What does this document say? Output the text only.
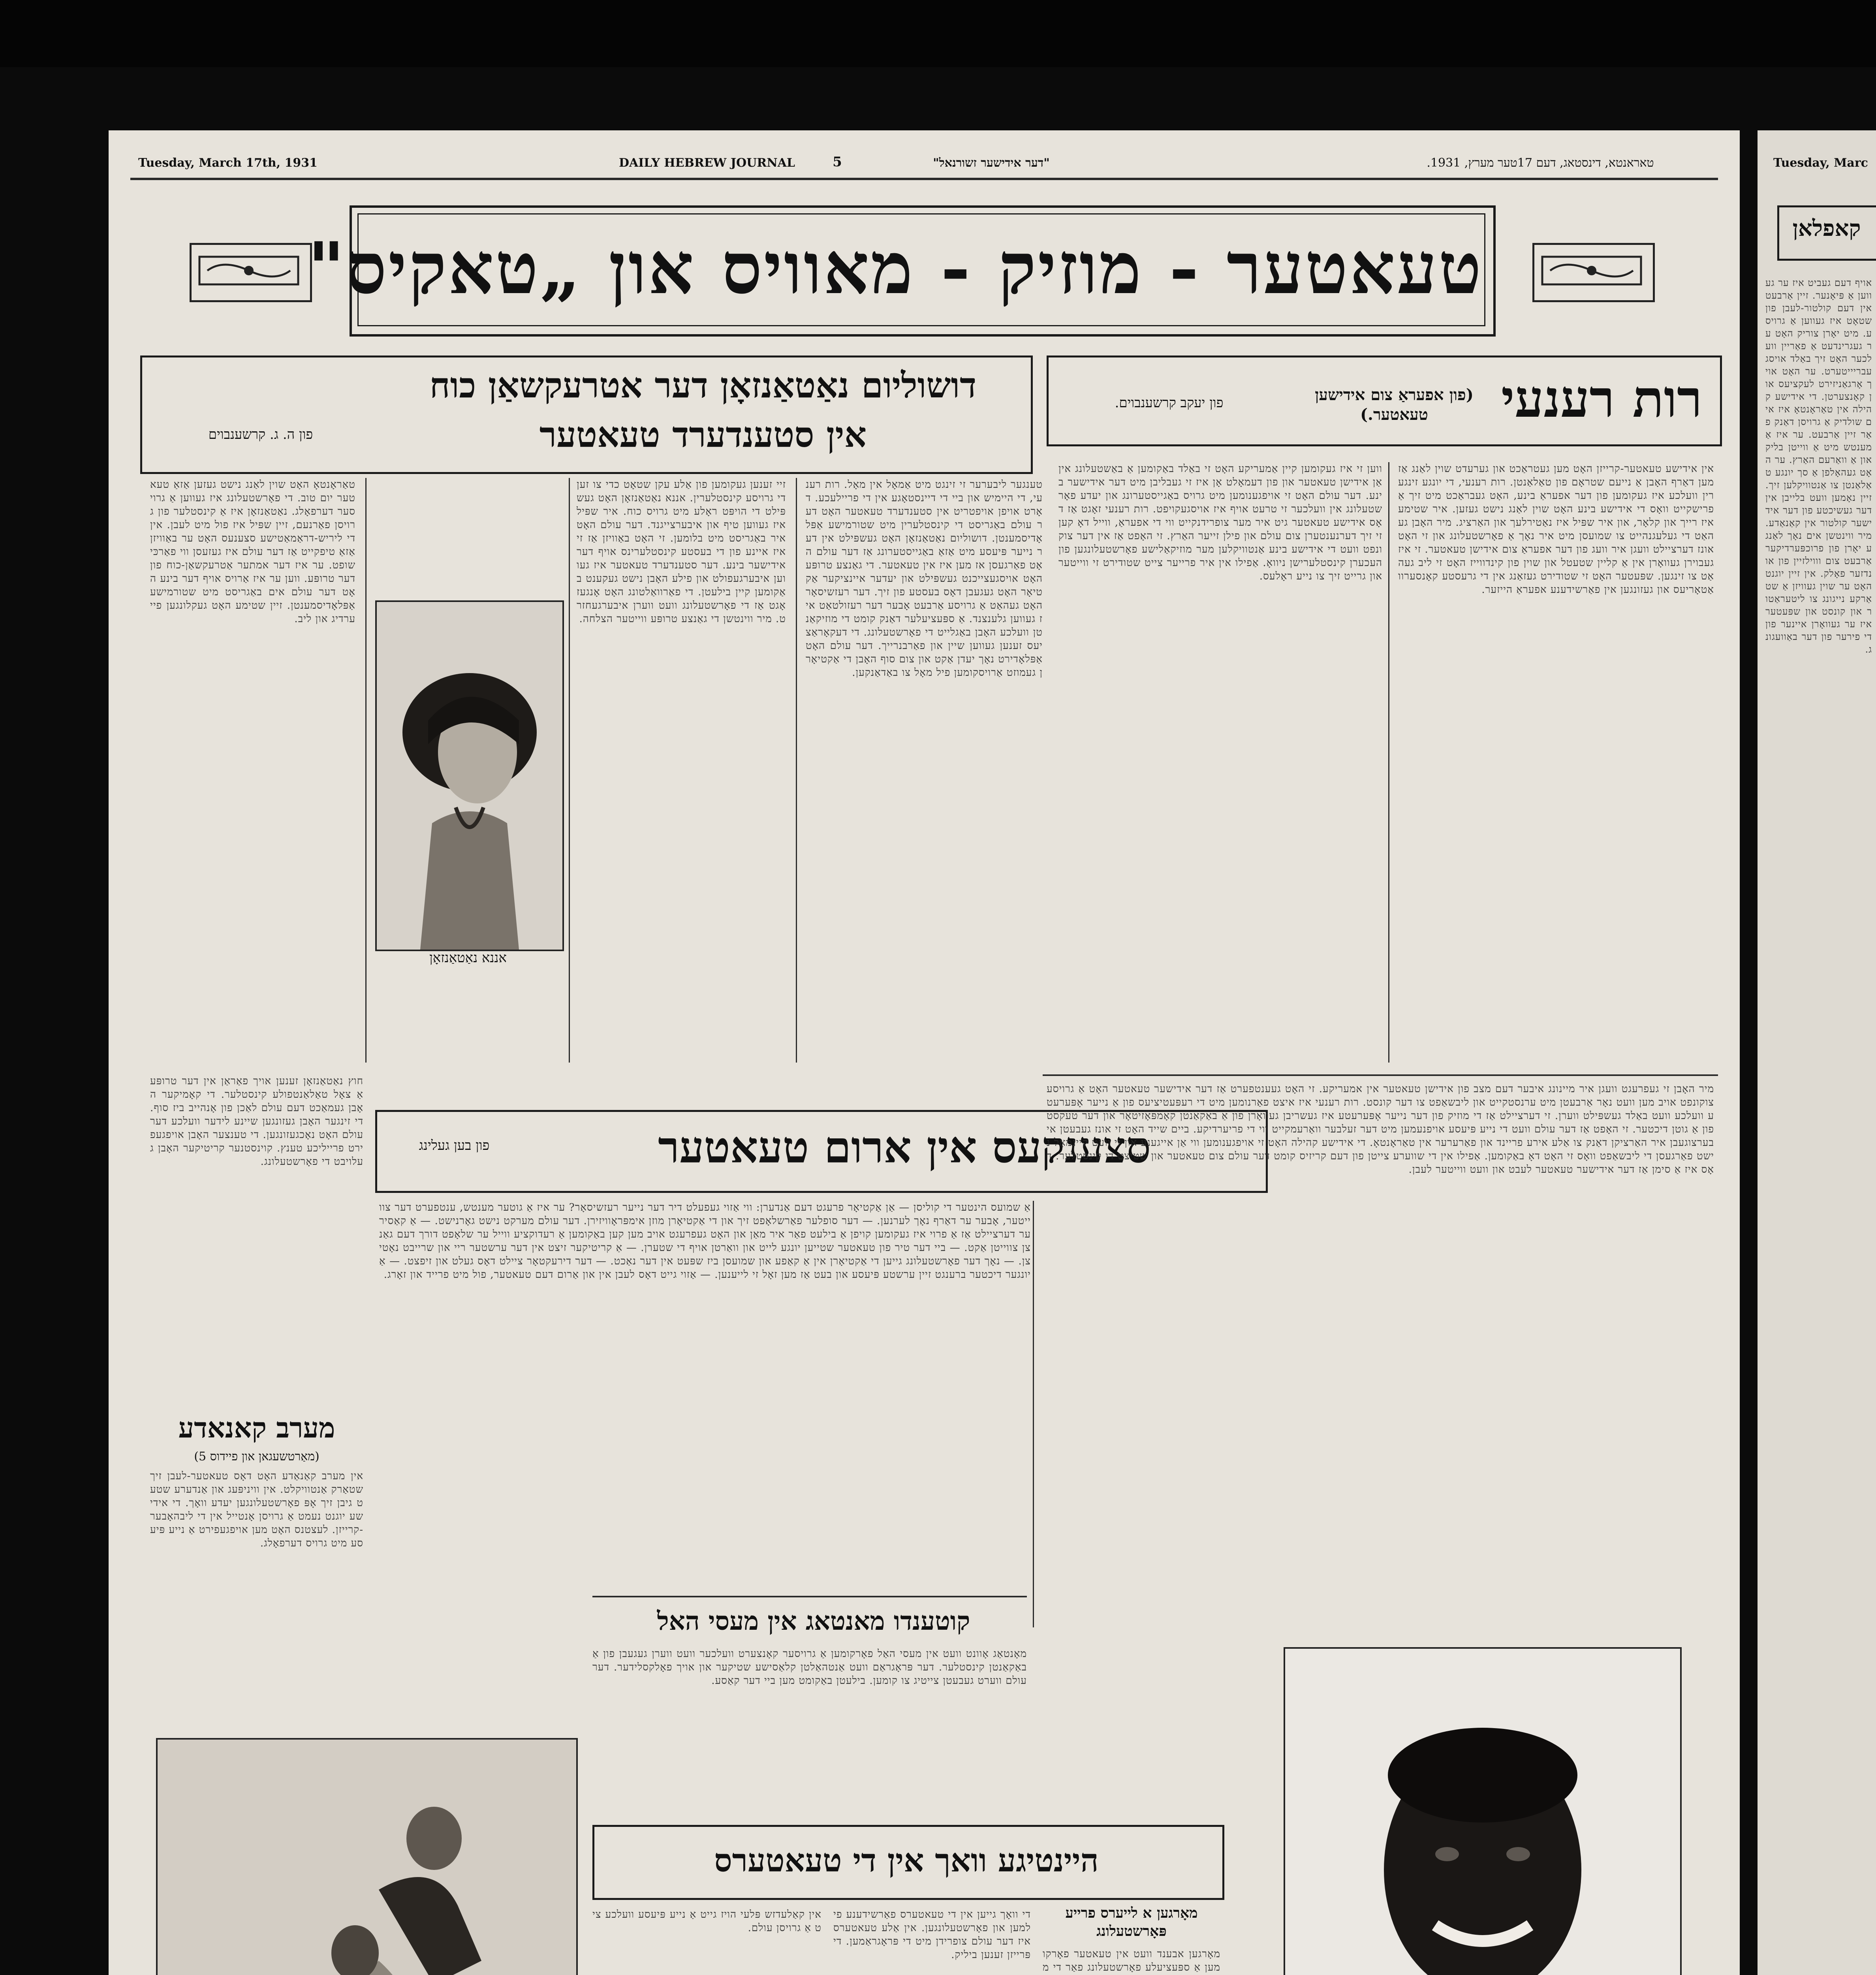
Tuesday, March 17th, 1931	DAILY HEBREW JOURNAL	5	"דער אידישער זשורנאל"	טאראנטא, דינסטאג, דעם 17טער מערץ, 1931.	Tuesday, Marc
טעאטער - מוזיק - מאוויס און „טאקיס"	קאפלאן
רות רענעי
(פון אפעראַ צום אידישען טעאטער.)
פון יעקב קרשענבוים.
אין אידישע טעאטער-קרייזן האָט מען געטראַכט און גערעדט שוין לאַנג אַז מען דאַרף האָבן אַ נייעם שטראָם פון טאַלאַנטן. רות רענעי, די יונגע זינגערין וועלכע איז געקומען פון דער אפעראַ בינע, האָט געבראַכט מיט זיך אַ פרישקייט וואָס די אידישע בינע האָט שוין לאַנג נישט געזען. איר שטימע איז רייך און קלאָר, און איר שפּיל איז נאַטירלעך און האַרציג. מיר האָבן געהאַט די געלעגנהייט צו שמועסן מיט איר נאָך אַ פאָרשטעלונג און זי האָט אונז דערציילט וועגן איר וועג פון דער אפעראַ צום אידישן טעאטער. זי איז געבוירן געוואָרן אין אַ קליין שטעטל און שוין פון קינדווייז האָט זי ליב געהאַט צו זינגען. שפּעטער האָט זי שטודירט געזאַנג אין די גרעסטע קאָנסערוואַטאָריעס און געזונגען אין פאַרשידענע אפעראַ הייזער.
ווען זי איז געקומען קיין אַמעריקע האָט זי באַלד באַקומען אַ באַשטעלונג אין אַן אידישן טעאטער און פון דעמאָלט אָן איז זי געבליבן מיט דער אידישער בינע. דער עולם האָט זי אויפגענומען מיט גרויס באַגייסטערונג און יעדע פאָרשטעלונג אין וועלכער זי טרעט אויף איז אויסגעקויפט. רות רענעי זאָגט אַז דאָס אידישע טעאטער גיט איר מער צופרידנקייט ווי די אפעראַ, ווייל דאָ קען זי זיך דערנענטערן צום עולם און פילן זייער האַרץ. זי האָפט אַז אין דער צוקונפט וועט די אידישע בינע אַנטוויקלען מער מוזיקאַלישע פאָרשטעלונגען פון העכערן קינסטלערישן ניוואָ. אַפילו אין איר פרייער צייט שטודירט זי ווייטער און גרייט זיך צו נייע ראָלעס.
דושוליום נאַטאַנזאָן דער אטרעקשאַן כוח
אין סטענדערד טעאטער
פון ה. ג. קרשענבוים
טענגער ליבערער זי זינגט מיט אַמאָל אין מאָל. רות רענעי, די היימיש און ביי די דיינסטאָגע אין די פריילעכע. דאָרט אויפן אויפטריט אין סטענדערד טעאטער האָט דער עולם באַגריסט די קינסטלערין מיט שטורמישע אַפּלאָדיסמענטן. דושוליום נאַטאַנזאָן האָט געשפּילט אין דער נייער פּיעסע מיט אַזאַ באַגייסטערונג אַז דער עולם האָט פאַרגעסן אז מען איז אין טעאטער. די גאַנצע טרופּע האָט אויסגעצייכנט געשפּילט און יעדער איינציקער אַקטיאָר האָט געגעבן דאָס בעסטע פון זיך. דער רעזשיסאָר האָט געהאַט אַ גרויסע אַרבעט אָבער דער רעזולטאַט איז געווען גלענצנד. אַ ספּעציעלער דאַנק קומט די מוזיקאַנטן וועלכע האָבן באַגלייט די פאָרשטעלונג. די דעקאָראַציעס זענען געווען שיין און פאַרבנרייך. דער עולם האָט אַפּלאָדירט נאָך יעדן אַקט און צום סוף האָבן די אַקטיאָרן געמוזט אַרויסקומען פיל מאָל צו באַדאַנקען.
זיי זענען געקומען פון אַלע עקן שטאָט כדי צו זען די גרויסע קינסטלערין. אננא נאַטאַנזאָן האָט געשפּילט די הויפּט ראָלע מיט גרויס כוח. איר שפּיל איז געווען טיף און איבערצייגנד. דער עולם האָט איר באַגריסט מיט בלומען. זי האָט באַוויזן אַז זי איז איינע פון די בעסטע קינסטלערינס אויף דער אידישער בינע. דער סטענדערד טעאטער איז געווען איבערגעפולט און פילע האָבן נישט געקענט באַקומען קיין בילעטן. די פאַרוואַלטונג האָט אָנגעזאָגט אַז די פאָרשטעלונג וועט ווערן איבערגעחזרט. מיר ווינטשן די גאַנצע טרופּע ווייטער הצלחה.
טאַראָנטאָ האָט שוין לאַנג נישט געזען אַזאַ טעאטער יום טוב. די פאָרשטעלונג איז געווען אַ גרויסער דערפאָלג. נאַטאַנזאָן איז אַ קינסטלער פון גרויסן פאַרנעם, זיין שפּיל איז פול מיט לעבן. אין די ליריש-דראַמאַטישע סצענעס האָט ער באַוויזן אַזאַ טיפקייט אַז דער עולם איז געזעסן ווי פאַרכּישופט. ער איז דער אמתער אַטרעקשאַן-כוח פון דער טרופּע. ווען ער איז אַרויס אויף דער בינע האָט דער עולם אים באַגריסט מיט שטורמישע אַפּלאָדיסמענטן. זיין שטימע האָט געקלונגען פייערדיג און ליב.
אננא נאַטאַנזאָן
סצענקעס אין ארום טעאטער
פון בען געלינג
מיר האָבן זי געפרעגט וועגן איר מיינונג איבער דעם מצב פון אידישן טעאטער אין אמעריקע. זי האָט געענטפערט אַז דער אידישער טעאטער האָט אַ גרויסע צוקונפט אויב מען וועט נאָר אַרבעטן מיט ערנסטקייט און ליבשאַפט צו דער קונסט. רות רענעי איז איצט פאַרנומען מיט די רעפּעטיציעס פון אַ נייער אָפּערעטע וועלכע וועט באַלד געשפּילט ווערן. זי דערציילט אַז די מוזיק פון דער נייער אָפּערעטע איז געשריבן געוואָרן פון אַ באַקאַנטן קאָמפּאָזיטאָר און דער טעקסט פון אַ גוטן דיכטער. זי האָפט אַז דער עולם וועט די נייע פּיעסע אויפנעמען מיט דער זעלבער וואַרעמקייט ווי די פריערדיקע. ביים שייד האָט זי אונז געבעטן איבערצוגעבן איר האַרציקן דאַנק צו אַלע אירע פריינד און פאַרערער אין טאַראָנטאָ. די אידישע קהילה האָט זי אויפגענומען ווי אַן אייגענע און זי וועט קיינמאָל נישט פאַרגעסן די ליבשאַפט וואָס זי האָט דאָ באַקומען. אַפילו אין די שווערע צייטן פון דעם קריזיס קומט דער עולם צום טעאטער און שטיצט די קינסטלער. דאָס איז אַ סימן אַז דער אידישער טעאטער לעבט און וועט ווייטער לעבן.
אַ שמועס הינטער די קוליסן — אַן אַקטיאָר פרעגט דעם אַנדערן: ווי אַזוי געפעלט דיר דער נייער רעזשיסאָר? ער איז אַ גוטער מענטש, ענטפערט דער צווייטער, אָבער ער דאַרף נאָך לערנען. — דער סופלער פאַרשלאָפט זיך און די אַקטיאָרן מוזן אימפּראָוויזירן. דער עולם מערקט נישט גאָרנישט. — אַ קאַסירער דערציילט אַז אַ פרוי איז געקומען קויפן אַ בילעט פאַר איר מאַן און האָט געפרעגט אויב מען קען באַקומען אַ רעדוקציע ווייל ער שלאָפט דורך דעם גאַנצן צווייטן אַקט. — ביי דער טיר פון טעאטער שטייען יונגע לייט און וואַרטן אויף די שטערן. — אַ קריטיקער זיצט אין דער ערשטער ריי און שרייבט נאָטיצן. — נאָך דער פאָרשטעלונג גייען די אַקטיאָרן אין אַ קאַפע און שמועסן ביז שפּעט אין דער נאַכט. — דער דירעקטאָר ציילט דאָס געלט און זיפצט. — אַ יונגער דיכטער ברענגט זיין ערשטע פּיעסע און בעט אַז מען זאָל זי לייענען. — אַזוי גייט דאָס לעבן אין און אַרום דעם טעאטער, פול מיט פרייד און זאָרג.
חוץ נאַטאַנזאָן זענען אויך פאַראַן אין דער טרופּע אַ צאָל טאַלאַנטפולע קינסטלער. די קאָמיקער האָבן געמאַכט דעם עולם לאַכן פון אָנהייב ביז סוף. די זינגער האָבן געזונגען שיינע לידער וועלכע דער עולם האָט נאָכגעזונגען. די טענצער האָבן אויפגעפירט פרייליכע טענץ. קוינסטנער קריטיקער האָבן געלויבט די פאָרשטעלונג.
מערב קאנאדע
(מאַרטשעגאן און פיידוס 5)
אין מערב קאַנאַדע האָט דאָס טעאטער-לעבן זיך שטאַרק אַנטוויקלט. אין וויניפּעג און אַנדערע שטעט גיבן זיך אָפּ פאָרשטעלונגען יעדע וואָך. די אידישע יוגנט נעמט אַ גרויסן אָנטייל אין די ליבהאָבער-קרייזן. לעצטנס האָט מען אויפגעפירט אַ נייע פּיעסע מיט גרויס דערפאָלג.
קוטענדו מאנטאג אין מעסי האל
מאָנטאַג אָוונט וועט אין מעסי האַל פאָרקומען אַ גרויסער קאָנצערט וועלכער וועט ווערן געגעבן פון אַ באַקאַנטן קינסטלער. דער פּראָגראַם וועט אַנטהאַלטן קלאַסישע שטיקער און אויך פאָלקסלידער. דער עולם ווערט געבעטן צייטיג צו קומען. בילעטן באַקומט מען ביי דער קאַסע.
היינטיגע וואך אין די טעאטערס
מאָרגען א לייערס פרייע פּאָרשטעלונג
מאָרגען אבענד וועט אין טעאטער פאָרקומען אַ ספּעציעלע פאָרשטעלונג פאַר די מ
די וואָך גייען אין די טעאטערס פאַרשידענע פילמען און פאָרשטעלונגען. אין אַלע טעאטערס איז דער עולם צופרידן מיט די פּראָגראַמען. די פּרייזן זענען ביליק.
אין קאַלעדזש פּלעי הויז גייט אַ נייע פּיעסע וועלכע ציט אַ גרויסן עולם.
אויף דעם געביט איז ער געווען אַ פּיאָנער. זיין אַרבעט אין דעם קולטור-לעבן פון שטאָט איז געווען אַ גרויסע. מיט יאָרן צוריק האָט ער געגרינדעט אַ פאַריין וועלכער האָט זיך באַלד אויסגעבריייטערט. ער האָט אויך אָרגאַניזירט לעקציעס און קאָנצערטן. די אידישע קהילה אין טאַראָנטאָ איז אים שולדיק אַ גרויסן דאַנק פאַר זיין אַרבעט. ער איז אַ מענטש מיט אַ ווייטן בליק און אַ וואַרעם האַרץ. ער האָט געהאָלפן אַ סך יונגע טאַלאַנטן צו אַנטוויקלען זיך. זיין נאָמען וועט בלייבן אין דער געשיכטע פון דער אידישער קולטור אין קאַנאַדע. מיר ווינטשן אים נאָך לאַנגע יאָרן פון פרוכפּערדיקער אַרבעט צום וווילזיין פון אונדזער פאָלק. אין זיין יוגנט האָט ער שוין געוויזן אַ שטאַרקע נייגונג צו ליטעראַטור און קונסט און שפּעטער איז ער געוואָרן איינער פון די פירער פון דער באַוועגונג.
